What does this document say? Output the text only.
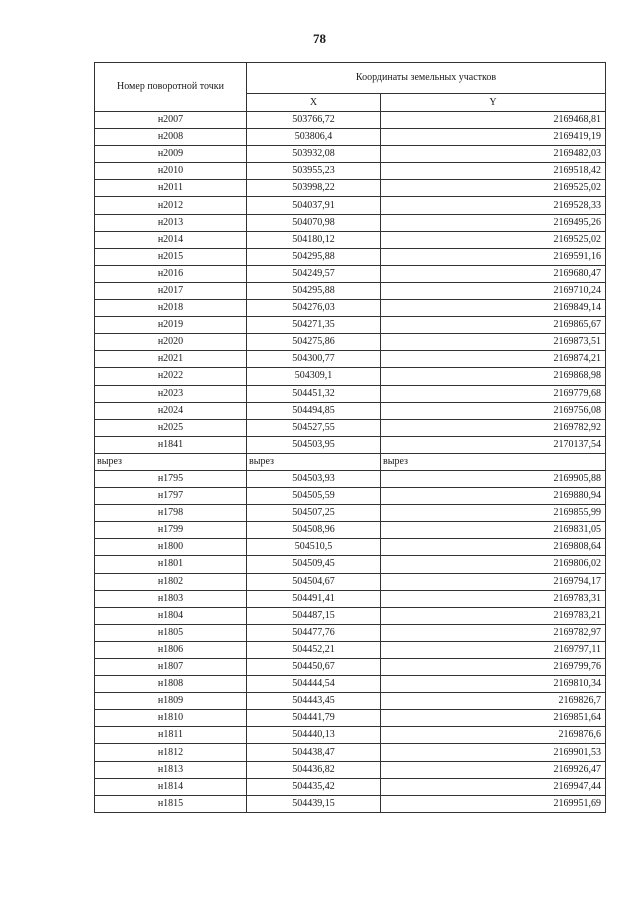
78
Номер поворотной точки	Координаты земельных участков	
	X	Y
н2007	503766,72	2169468,81
н2008	503806,4	2169419,19
н2009	503932,08	2169482,03
н2010	503955,23	2169518,42
н2011	503998,22	2169525,02
н2012	504037,91	2169528,33
н2013	504070,98	2169495,26
н2014	504180,12	2169525,02
н2015	504295,88	2169591,16
н2016	504249,57	2169680,47
н2017	504295,88	2169710,24
н2018	504276,03	2169849,14
н2019	504271,35	2169865,67
н2020	504275,86	2169873,51
н2021	504300,77	2169874,21
н2022	504309,1	2169868,98
н2023	504451,32	2169779,68
н2024	504494,85	2169756,08
н2025	504527,55	2169782,92
н1841	504503,95	2170137,54
вырез	вырез	вырез
н1795	504503,93	2169905,88
н1797	504505,59	2169880,94
н1798	504507,25	2169855,99
н1799	504508,96	2169831,05
н1800	504510,5	2169808,64
н1801	504509,45	2169806,02
н1802	504504,67	2169794,17
н1803	504491,41	2169783,31
н1804	504487,15	2169783,21
н1805	504477,76	2169782,97
н1806	504452,21	2169797,11
н1807	504450,67	2169799,76
н1808	504444,54	2169810,34
н1809	504443,45	2169826,7
н1810	504441,79	2169851,64
н1811	504440,13	2169876,6
н1812	504438,47	2169901,53
н1813	504436,82	2169926,47
н1814	504435,42	2169947,44
н1815	504439,15	2169951,69
